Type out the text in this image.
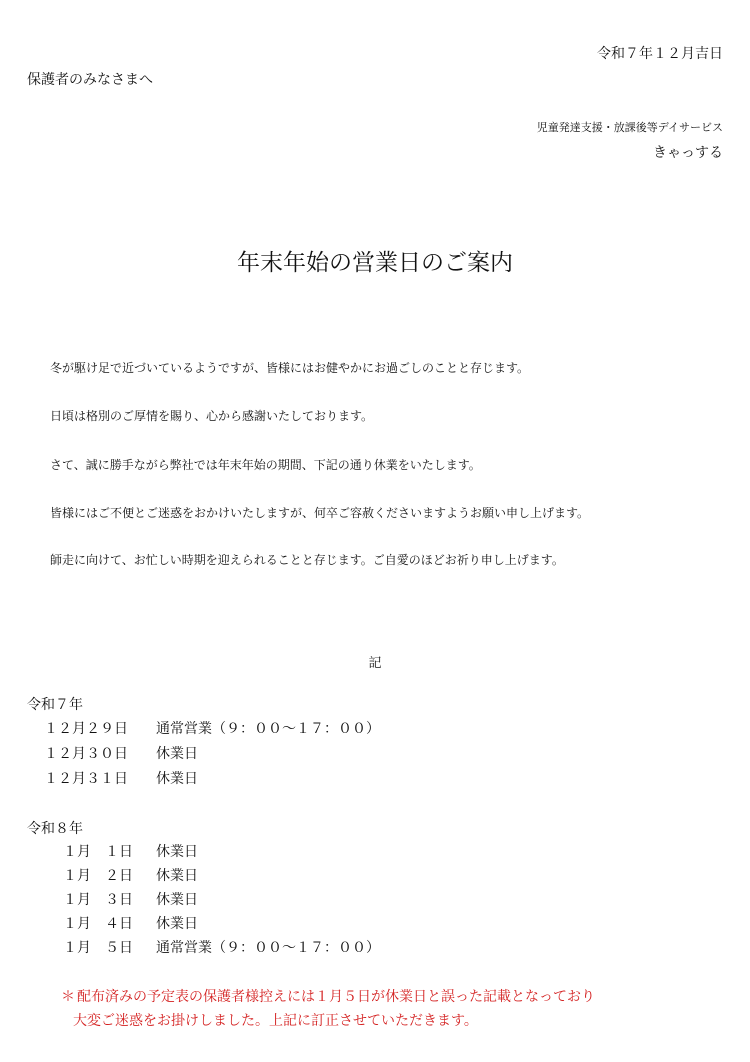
令和７年１２月吉日
保護者のみなさまへ
児童発達支援・放課後等デイサービス
きゃっする
年末年始の営業日のご案内
冬が駆け足で近づいているようですが、皆様にはお健やかにお過ごしのことと存じます。
日頃は格別のご厚情を賜り、心から感謝いたしております。
さて、誠に勝手ながら弊社では年末年始の期間、下記の通り休業をいたします。
皆様にはご不便とご迷惑をおかけいたしますが、何卒ご容赦くださいますようお願い申し上げます。
師走に向けて、お忙しい時期を迎えられることと存じます。ご自愛のほどお祈り申し上げます。
記
令和７年
１２月２９日 通常営業（９：００〜１７：００）
１２月３０日 休業日
１２月３１日 休業日
令和８年
１月　１日 休業日
１月　２日 休業日
１月　３日 休業日
１月　４日 休業日
１月　５日 通常営業（９：００〜１７：００）
＊ 配布済みの予定表の保護者様控えには１月５日が休業日と誤った記載となっており
大変ご迷惑をお掛けしました。上記に訂正させていただきます。
